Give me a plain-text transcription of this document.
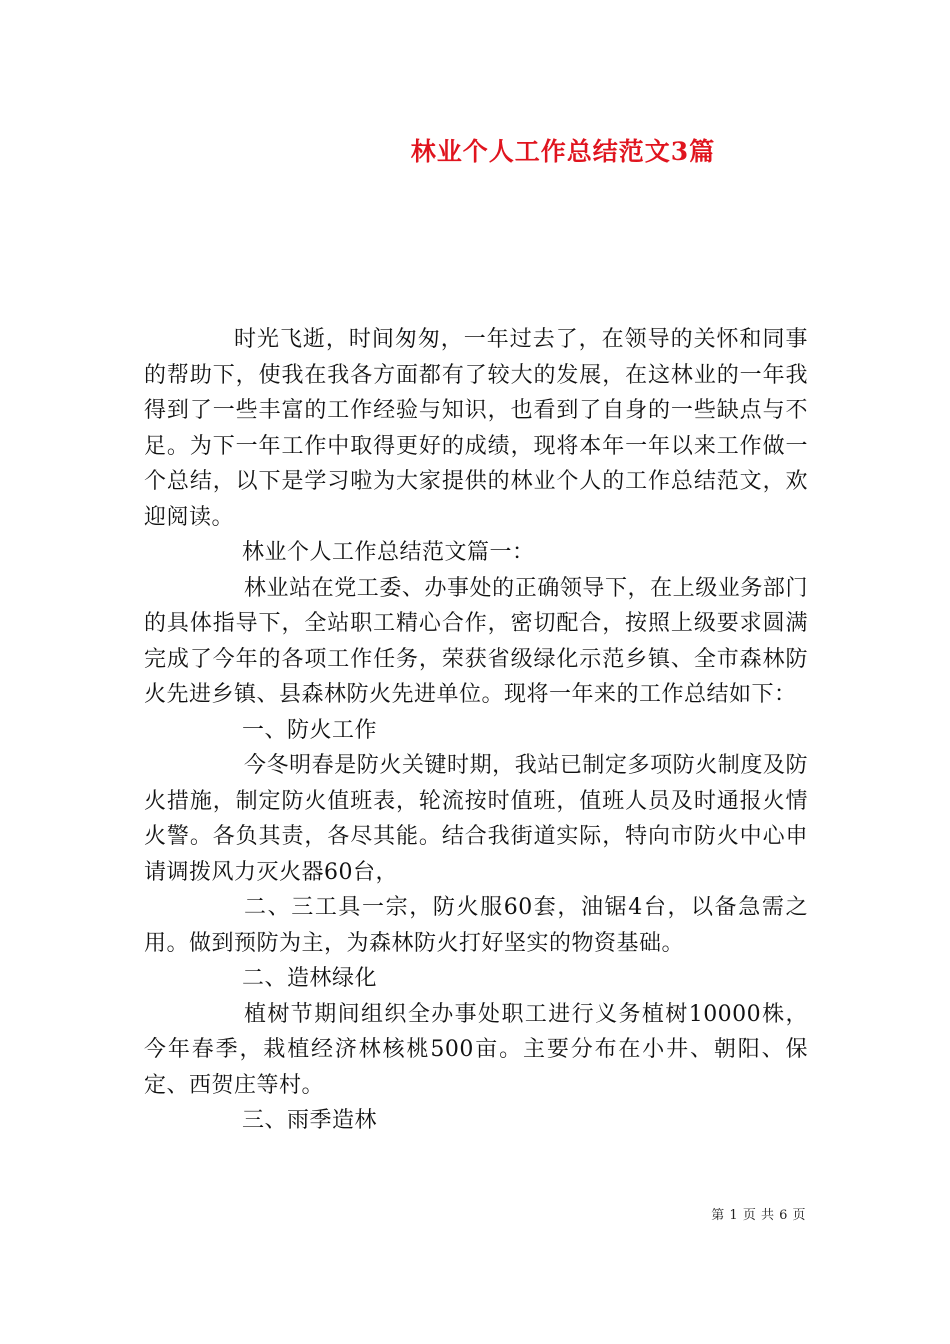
林业个人工作总结范文3篇

时光飞逝，时间匆匆，一年过去了，在领导的关怀和同事的帮助下，使我在我各方面都有了较大的发展，在这林业的一年我得到了一些丰富的工作经验与知识，也看到了自身的一些缺点与不足。为下一年工作中取得更好的成绩，现将本年一年以来工作做一个总结，以下是学习啦为大家提供的林业个人的工作总结范文，欢迎阅读。

林业个人工作总结范文篇一：

林业站在党工委、办事处的正确领导下，在上级业务部门的具体指导下，全站职工精心合作，密切配合，按照上级要求圆满完成了今年的各项工作任务，荣获省级绿化示范乡镇、全市森林防火先进乡镇、县森林防火先进单位。现将一年来的工作总结如下：

一、防火工作

今冬明春是防火关键时期，我站已制定多项防火制度及防火措施，制定防火值班表，轮流按时值班，值班人员及时通报火情火警。各负其责，各尽其能。结合我街道实际，特向市防火中心申请调拨风力灭火器60台，

二、三工具一宗，防火服60套，油锯4台，以备急需之用。做到预防为主，为森林防火打好坚实的物资基础。

二、造林绿化

植树节期间组织全办事处职工进行义务植树10000株，今年春季，栽植经济林核桃500亩。主要分布在小井、朝阳、保定、西贺庄等村。

三、雨季造林

第 1 页 共 6 页
